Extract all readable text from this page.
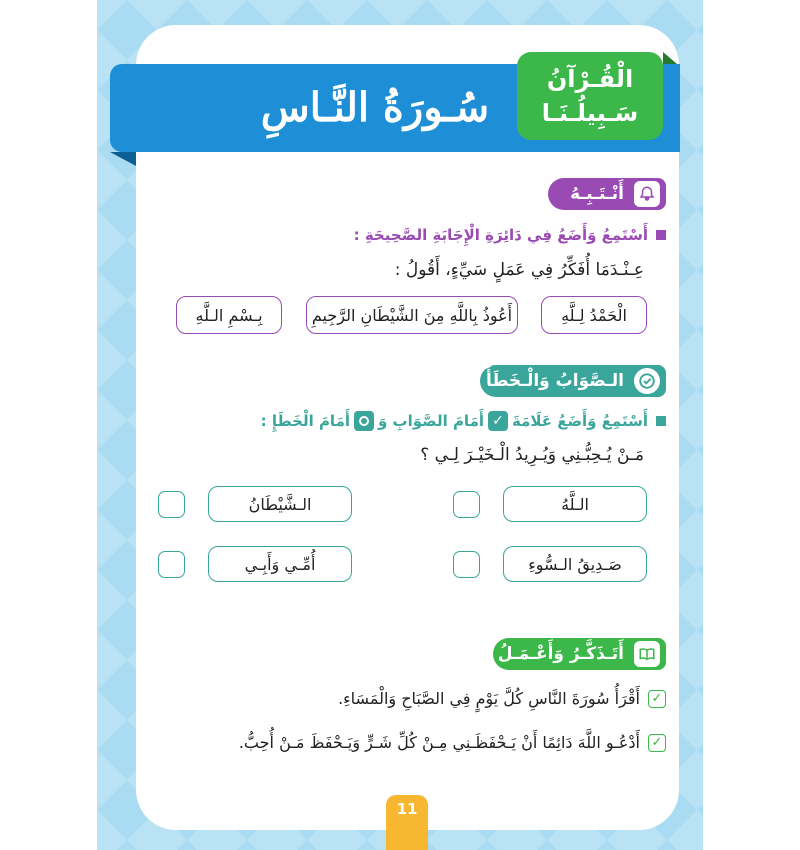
سُـورَةُ النَّـاسِ
الْقُـرْآنُ
سَـبِيلُـنَـا
أَنْـتَـبِـهُ
أَسْتَمِعُ وَأَضَعُ فِي دَائِرَةِ الْإِجَابَةِ الصَّحِيحَةِ :
عِـنْـدَمَا أُفَكِّرُ فِي عَمَلٍ سَيِّءٍ، أَقُولُ :
الْحَمْدُ لِـلَّهِ
أَعُوذُ بِاللَّهِ مِنَ الشَّيْطَانِ الرَّجِيمِ
بِـسْمِ الـلَّهِ
الـصَّوَابُ وَالْـخَطَأُ
أَسْتَمِعُ وَأَضَعُ عَلَامَةَ
✓
أَمَامَ الصَّوَابِ وَ
أَمَامَ الْخَطَإِ :
مَـنْ يُـحِبُّـنِي وَيُـرِيدُ الْـخَيْـرَ لِـي ؟
الـلَّهُ
الـشَّيْطَانُ
صَـدِيقُ الـسُّوءِ
أُمِّـي وَأَبِـي
أَتَـذَكَّـرُ وَأَعْـمَـلُ
✓
أَقْرَأُ سُورَةَ النَّاسِ كُلَّ يَوْمٍ فِي الصَّبَاحِ وَالْمَسَاءِ.
✓
أَدْعُـو اللَّهَ دَائِمًا أَنْ يَـحْفَظَـنِي مِـنْ كُلِّ شَـرٍّ وَيَـحْفَظَ مَـنْ أُحِبُّ.
11
